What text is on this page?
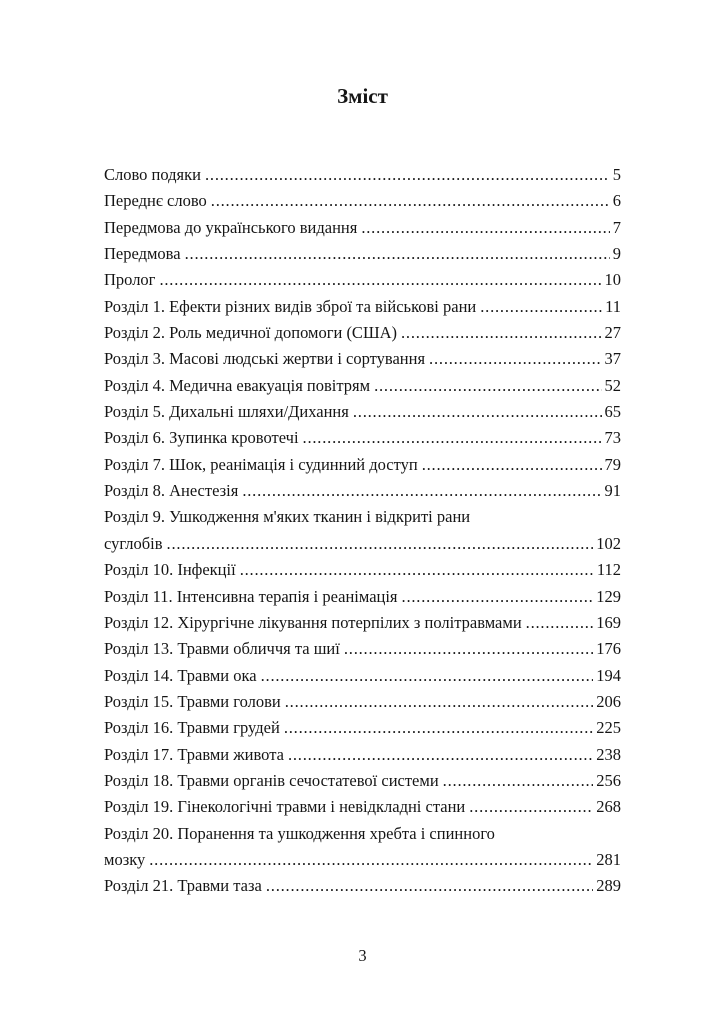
Зміст
Слово подяки .....	5
Переднє слово .....	6
Передмова до українського видання .....	7
Передмова .....	9
Пролог .....	10
Розділ 1. Ефекти різних видів зброї та військові рани .....	11
Розділ 2. Роль медичної допомоги (США) .....	27
Розділ 3. Масові людські жертви і сортування .....	37
Розділ 4. Медична евакуація повітрям .....	52
Розділ 5. Дихальні шляхи/Дихання .....	65
Розділ 6. Зупинка кровотечі .....	73
Розділ 7. Шок, реанімація і судинний доступ .....	79
Розділ 8. Анестезія .....	91
Розділ 9. Ушкодження м'яких тканин і відкриті рани
суглобів .....	102
Розділ 10. Інфекції .....	112
Розділ 11. Інтенсивна терапія і реанімація .....	129
Розділ 12. Хірургічне лікування потерпілих з політравмами .....	169
Розділ 13. Травми обличчя та шиї .....	176
Розділ 14. Травми ока .....	194
Розділ 15. Травми голови .....	206
Розділ 16. Травми грудей .....	225
Розділ 17. Травми живота .....	238
Розділ 18. Травми органів сечостатевої системи .....	256
Розділ 19. Гінекологічні травми і невідкладні стани .....	268
Розділ 20. Поранення та ушкодження хребта і спинного
мозку .....	281
Розділ 21. Травми таза .....	289
3
